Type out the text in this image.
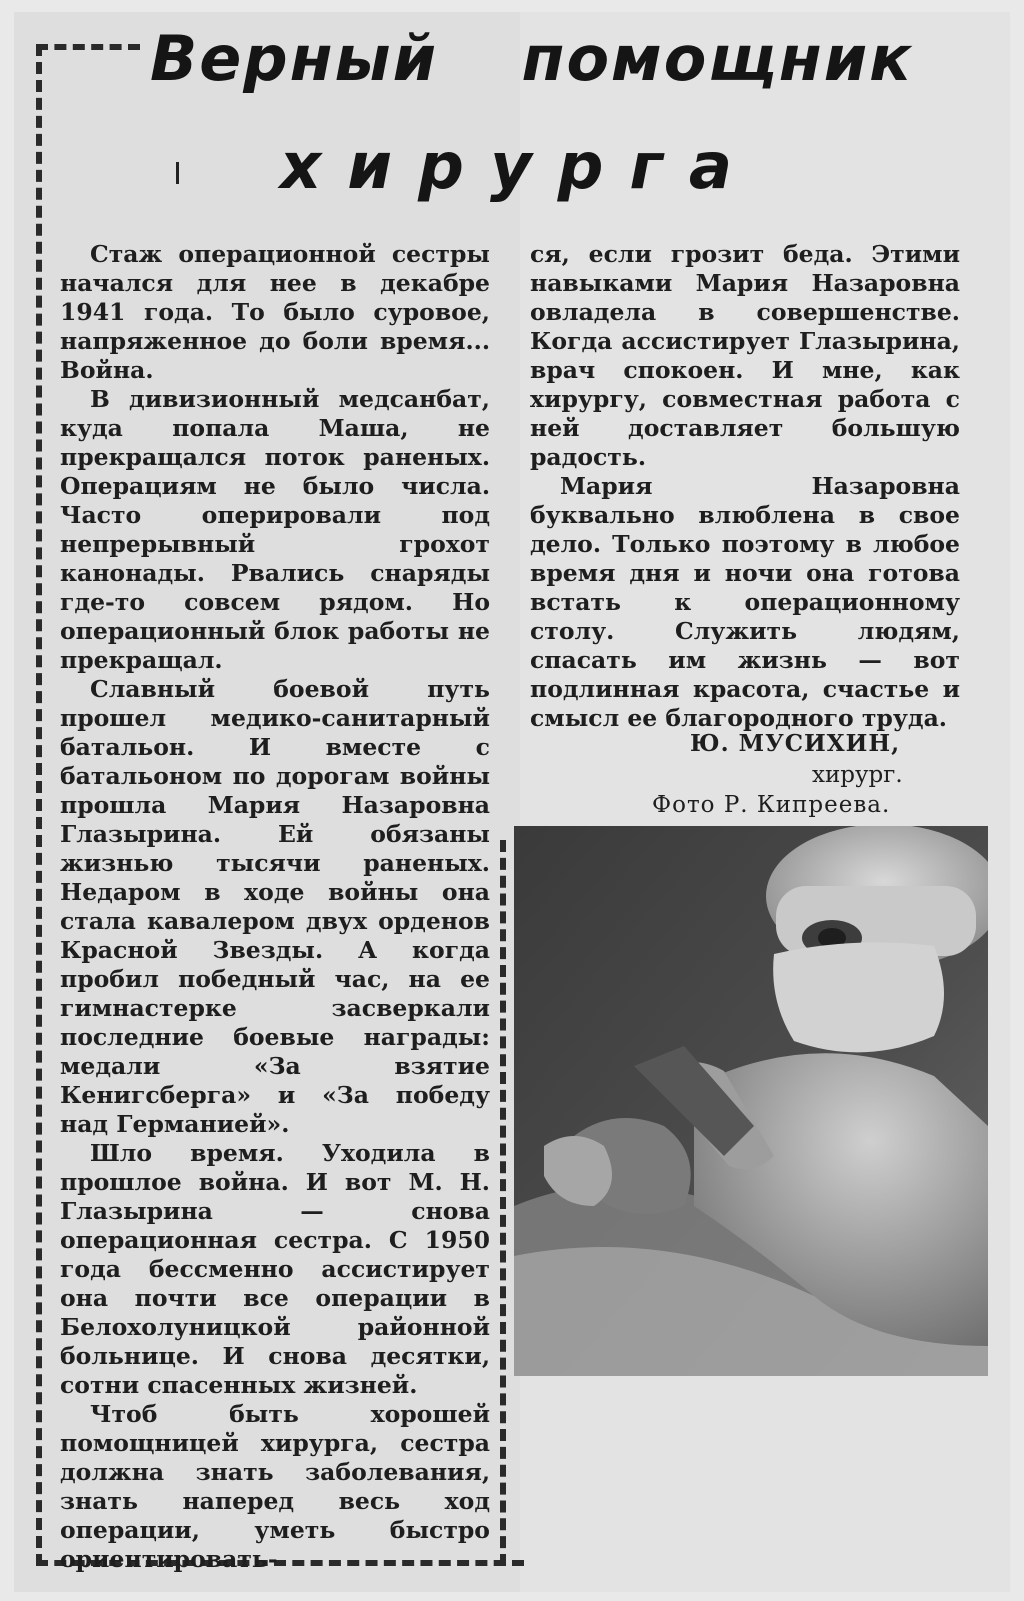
Верный помощник
хирурга

Стаж операционной сестры начался для нее в декабре 1941 года. То было суровое, напряженное до боли время... Война.

В дивизионный медсанбат, куда попала Маша, не прекращался поток раненых. Операциям не было числа. Часто оперировали под непрерывный грохот канонады. Рвались снаряды где-то совсем рядом. Но операционный блок работы не прекращал.

Славный боевой путь прошел медико-санитарный батальон. И вместе с батальоном по дорогам войны прошла Мария Назаровна Глазырина. Ей обязаны жизнью тысячи раненых. Недаром в ходе войны она стала кавалером двух орденов Красной Звезды. А когда пробил победный час, на ее гимнастерке засверкали последние боевые награды: медали «За взятие Кенигсберга» и «За победу над Германией».

Шло время. Уходила в прошлое война. И вот М. Н. Глазырина — снова операционная сестра. С 1950 года бессменно ассистирует она почти все операции в Белохолуницкой районной больнице. И снова десятки, сотни спасенных жизней.

Чтоб быть хорошей помощницей хирурга, сестра должна знать заболевания, знать наперед весь ход операции, уметь быстро ориентировать-

ся, если грозит беда. Этими навыками Мария Назаровна овладела в совершенстве. Когда ассистирует Глазырина, врач спокоен. И мне, как хирургу, совместная работа с ней доставляет большую радость.

Мария Назаровна буквально влюблена в свое дело. Только поэтому в любое время дня и ночи она готова встать к операционному столу. Служить людям, спасать им жизнь — вот подлинная красота, счастье и смысл ее благородного труда.

Ю. МУСИХИН,
хирург.
Фото Р. Кипреева.
